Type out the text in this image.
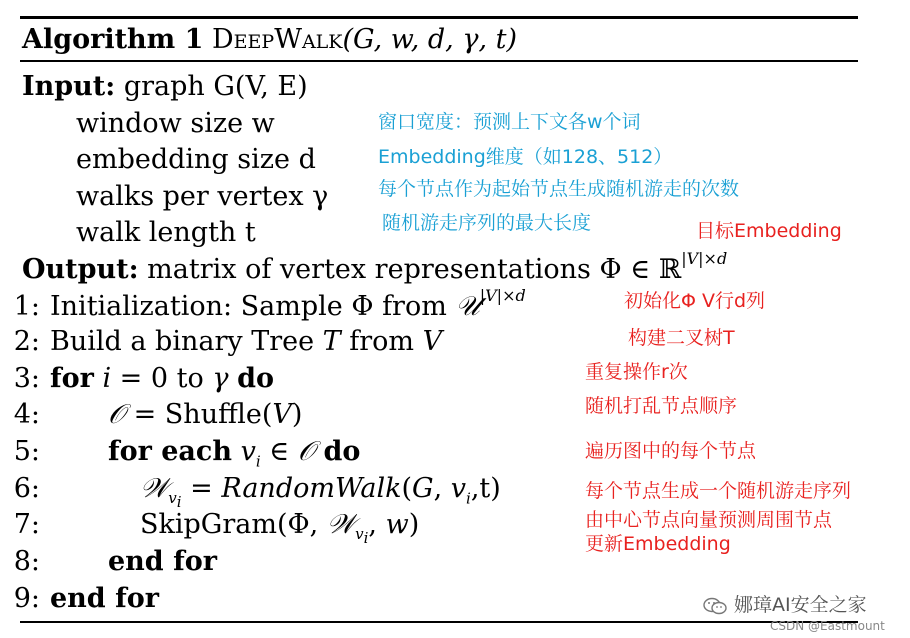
Algorithm 1 DeepWalk(G, w, d, γ, t)
Input: graph G(V, E)
window size w	窗口宽度：预测上下文各w个词
embedding size d	Embedding维度（如128、512）
walks per vertex γ	每个节点作为起始节点生成随机游走的次数
walk length t	随机游走序列的最大长度	目标Embedding
Output: matrix of vertex representations Φ ∈ ℝ$^{|V|\times d}$
1: Initialization: Sample Φ from 𝒰$^{|V|\times d}$	初始化Φ V行d列
2: Build a binary Tree T from V	构建二叉树T
3: for i = 0 to γ do	重复操作r次
4:	𝒪 = Shuffle(V)	随机打乱节点顺序
5:	for each $v_i$ ∈ 𝒪 do	遍历图中的每个节点
6:	𝒲$_{v_i}$ = RandomWalk(G, $v_i,t$)	每个节点生成一个随机游走序列
7:	SkipGram(Φ, 𝒲$_{v_i}$, w)	由中心节点向量预测周围节点
更新Embedding
8:	end for
9: end for	娜璋AI安全之家
CSDN @Eastmount
